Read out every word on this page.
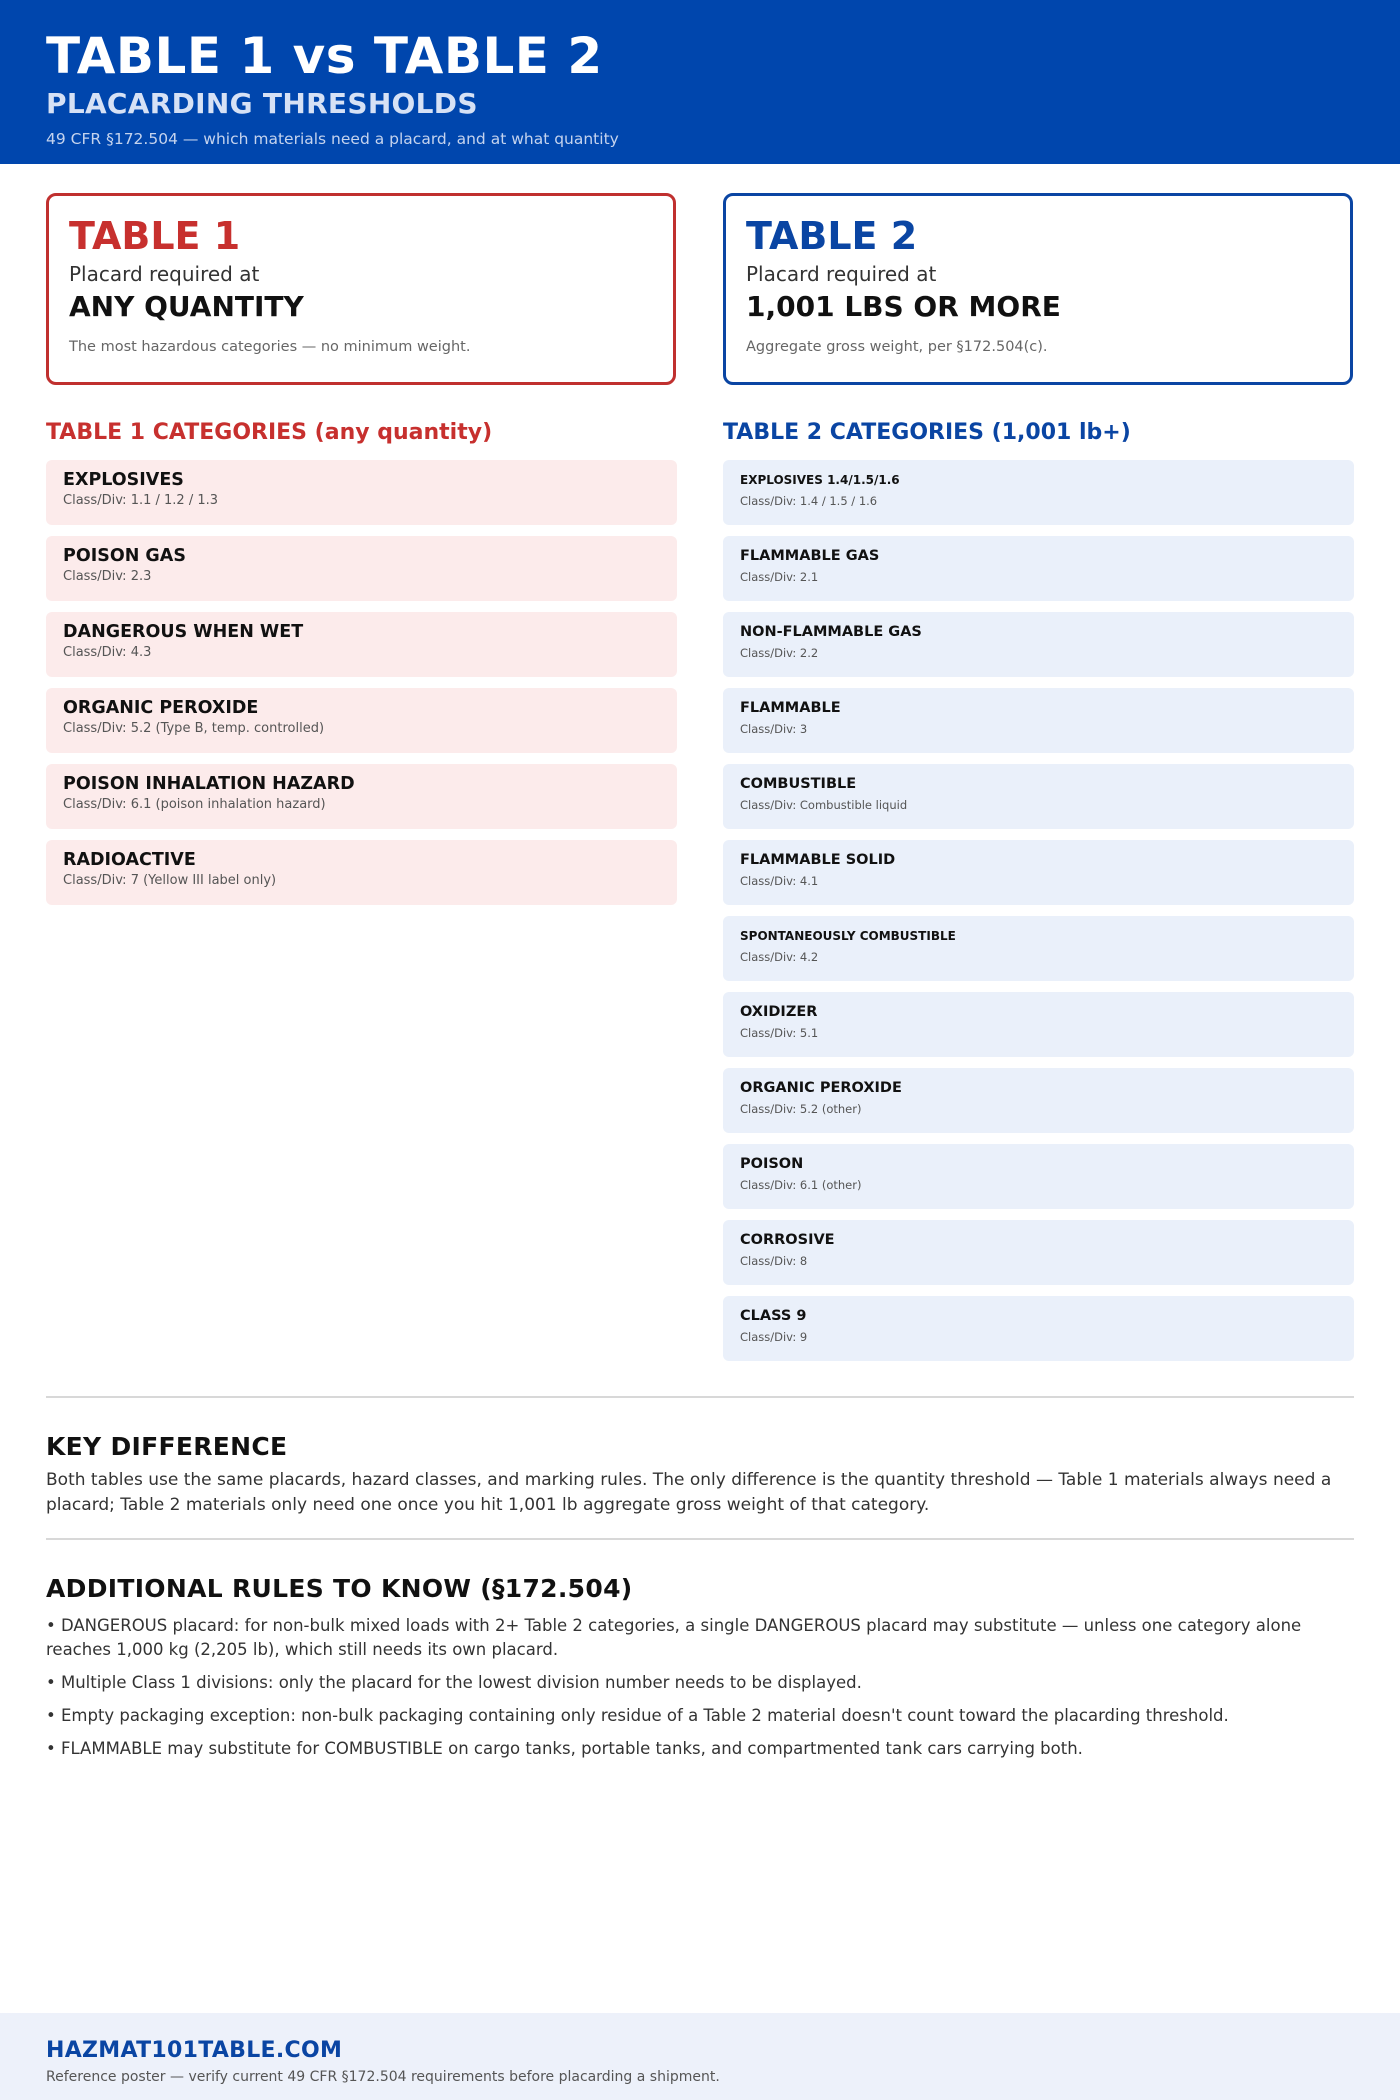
TABLE 1 vs TABLE 2
PLACARDING THRESHOLDS
49 CFR §172.504 — which materials need a placard, and at what quantity
TABLE 1
Placard required at
ANY QUANTITY
The most hazardous categories — no minimum weight.
TABLE 2
Placard required at
1,001 LBS OR MORE
Aggregate gross weight, per §172.504(c).
TABLE 1 CATEGORIES (any quantity)	TABLE 2 CATEGORIES (1,001 lb+)
EXPLOSIVES
Class/Div: 1.1 / 1.2 / 1.3
POISON GAS
Class/Div: 2.3
DANGEROUS WHEN WET
Class/Div: 4.3
ORGANIC PEROXIDE
Class/Div: 5.2 (Type B, temp. controlled)
POISON INHALATION HAZARD
Class/Div: 6.1 (poison inhalation hazard)
RADIOACTIVE
Class/Div: 7 (Yellow III label only)
EXPLOSIVES 1.4/1.5/1.6
Class/Div: 1.4 / 1.5 / 1.6
FLAMMABLE GAS
Class/Div: 2.1
NON-FLAMMABLE GAS
Class/Div: 2.2
FLAMMABLE
Class/Div: 3
COMBUSTIBLE
Class/Div: Combustible liquid
FLAMMABLE SOLID
Class/Div: 4.1
SPONTANEOUSLY COMBUSTIBLE
Class/Div: 4.2
OXIDIZER
Class/Div: 5.1
ORGANIC PEROXIDE
Class/Div: 5.2 (other)
POISON
Class/Div: 6.1 (other)
CORROSIVE
Class/Div: 8
CLASS 9
Class/Div: 9
KEY DIFFERENCE
Both tables use the same placards, hazard classes, and marking rules. The only difference is the quantity threshold — Table 1 materials always need a placard; Table 2 materials only need one once you hit 1,001 lb aggregate gross weight of that category.
ADDITIONAL RULES TO KNOW (§172.504)
• DANGEROUS placard: for non-bulk mixed loads with 2+ Table 2 categories, a single DANGEROUS placard may substitute — unless one category alone reaches 1,000 kg (2,205 lb), which still needs its own placard.
• Multiple Class 1 divisions: only the placard for the lowest division number needs to be displayed.
• Empty packaging exception: non-bulk packaging containing only residue of a Table 2 material doesn't count toward the placarding threshold.
• FLAMMABLE may substitute for COMBUSTIBLE on cargo tanks, portable tanks, and compartmented tank cars carrying both.
HAZMAT101TABLE.COM
Reference poster — verify current 49 CFR §172.504 requirements before placarding a shipment.
